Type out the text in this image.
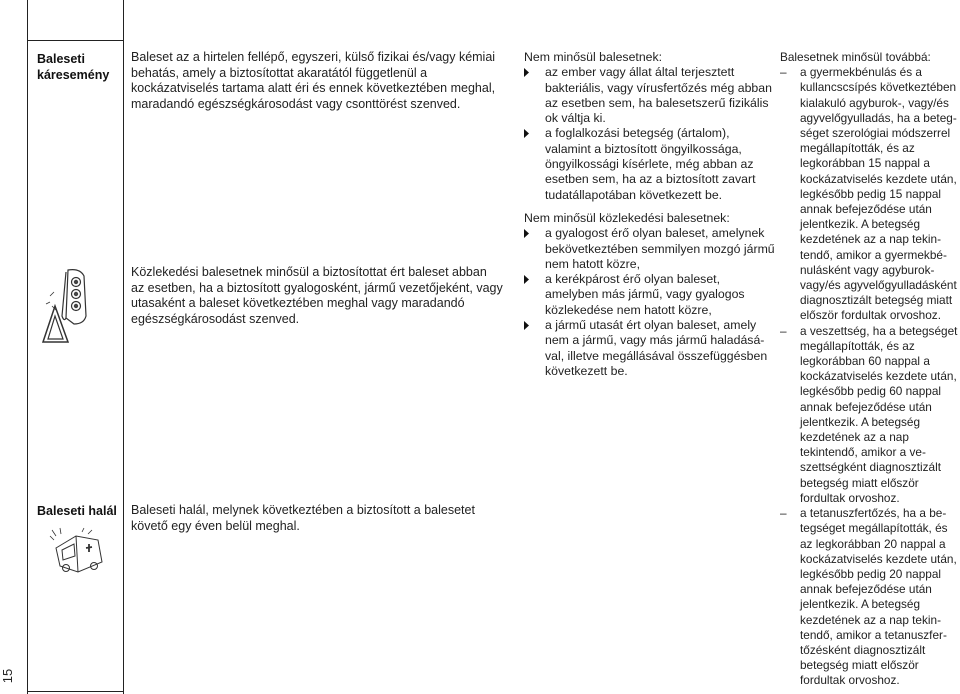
15
Baleseti káresemény
Baleseti halál
Baleset az a hirtelen fellépő, egyszeri, külső fizikai és/vagy kémiai behatás, amely a biztosítottat akaratától függetlenül a kockázatviselés tartama alatt éri és ennek következtében meghal, maradandó egészségkárosodást vagy csonttörést szenved.
Közlekedési balesetnek minősül a biztosítottat ért baleset abban az esetben, ha a biztosított gyalogosként, jármű vezetőjeként, vagy utasaként a baleset következtében meghal vagy maradandó egészségkárosodást szenved.
Baleseti halál, melynek következtében a biztosított a balesetet követő egy éven belül meghal.
Nem minősül balesetnek:
az ember vagy állat által terjesztett bakteriális, vagy vírusfertőzés még abban az esetben sem, ha balesetszerű fizikális ok váltja ki.
a foglalkozási betegség (ártalom), valamint a biztosított öngyilkossága, öngyilkossági kísérlete, még abban az esetben sem, ha az a biztosított zavart tudatállapotában következett be.
Nem minősül közlekedési balesetnek:
a gyalogost érő olyan baleset, amelynek bekövetkeztében semmilyen mozgó jármű nem hatott közre,
a kerékpárost érő olyan baleset, amelyben más jármű, vagy gyalogos közlekedése nem hatott közre,
a jármű utasát ért olyan baleset, amely nem a jármű, vagy más jármű haladásával, illetve megállásával összefüggésben következett be.
Balesetnek minősül továbbá:
– a gyermekbénulás és a kullancscsípés következtében kialakuló agyburok-, vagy/és agyvelőgyulladás, ha a betegséget szerológiai módszerrel megállapították, és az legkorábban 15 nappal a kockázatviselés kezdete után, legkésőbb pedig 15 nappal annak befejeződése után jelentkezik. A betegség kezdetének az a nap tekintendő, amikor a gyermekbénulásként vagy agyburokvagy/és agyvelőgyulladásként diagnosztizált betegség miatt először fordultak orvoshoz.
– a veszettség, ha a betegséget megállapították, és az legkorábban 60 nappal a kockázatviselés kezdete után, legkésőbb pedig 60 nappal annak befejeződése után jelentkezik. A betegség kezdetének az a nap tekintendő, amikor a veszettségként diagnosztizált betegség miatt először fordultak orvoshoz.
– a tetanuszfertőzés, ha a betegséget megállapították, és az legkorábban 20 nappal a kockázatviselés kezdete után, legkésőbb pedig 20 nappal annak befejeződése után jelentkezik. A betegség kezdetének az a nap tekintendő, amikor a tetanuszfertőzésként diagnosztizált betegség miatt először fordultak orvoshoz.
